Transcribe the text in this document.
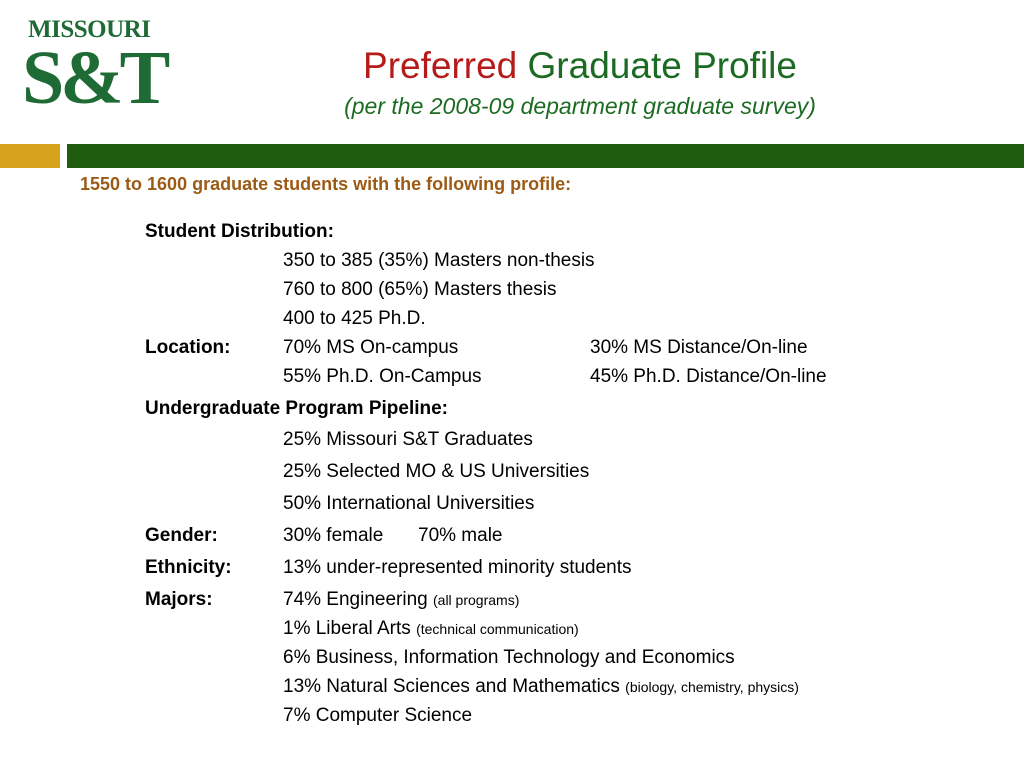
MISSOURI
S&T	Preferred Graduate Profile
(per the 2008-09 department graduate survey)
1550 to 1600 graduate students with the following profile:
Student Distribution:
350 to 385 (35%) Masters non-thesis
760 to 800 (65%) Masters thesis
400 to 425 Ph.D.
Location:	70% MS On-campus	30% MS Distance/On-line
55% Ph.D. On-Campus	45% Ph.D. Distance/On-line
Undergraduate Program Pipeline:
25% Missouri S&T Graduates
25% Selected MO & US Universities
50% International Universities
Gender:	30% female 70% male
Ethnicity:	13% under-represented minority students
Majors:	74% Engineering (all programs)
1% Liberal Arts (technical communication)
6% Business, Information Technology and Economics
13% Natural Sciences and Mathematics (biology, chemistry, physics)
7% Computer Science
